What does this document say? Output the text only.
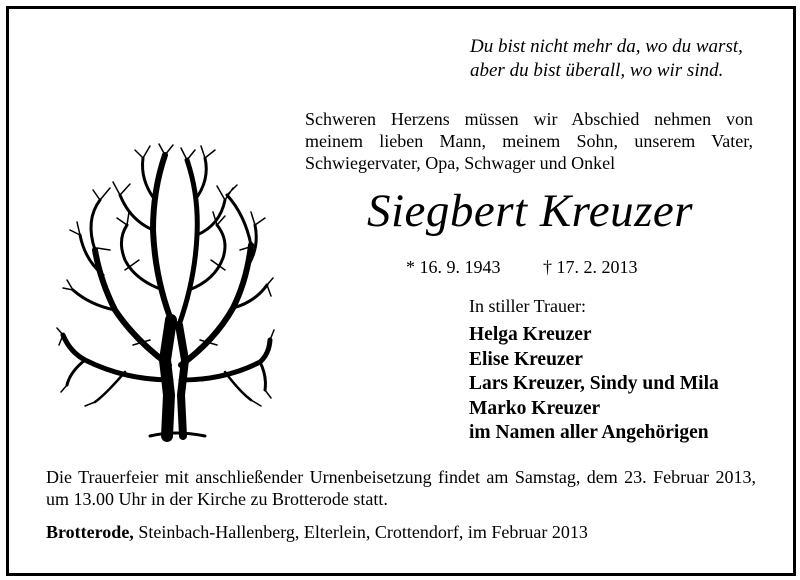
Du bist nicht mehr da, wo du warst,
aber du bist überall, wo wir sind.
Schweren Herzens müssen wir Abschied nehmen von meinem lieben Mann, meinem Sohn, unserem Vater, Schwiegervater, Opa, Schwager und Onkel
Siegbert Kreuzer
* 16. 9. 1943 † 17. 2. 2013
In stiller Trauer:
Helga Kreuzer
Elise Kreuzer
Lars Kreuzer, Sindy und Mila
Marko Kreuzer
im Namen aller Angehörigen
Die Trauerfeier mit anschließender Urnenbeisetzung findet am Samstag, dem 23. Februar 2013, um 13.00 Uhr in der Kirche zu Brotterode statt.
Brotterode, Steinbach-Hallenberg, Elterlein, Crottendorf, im Februar 2013
